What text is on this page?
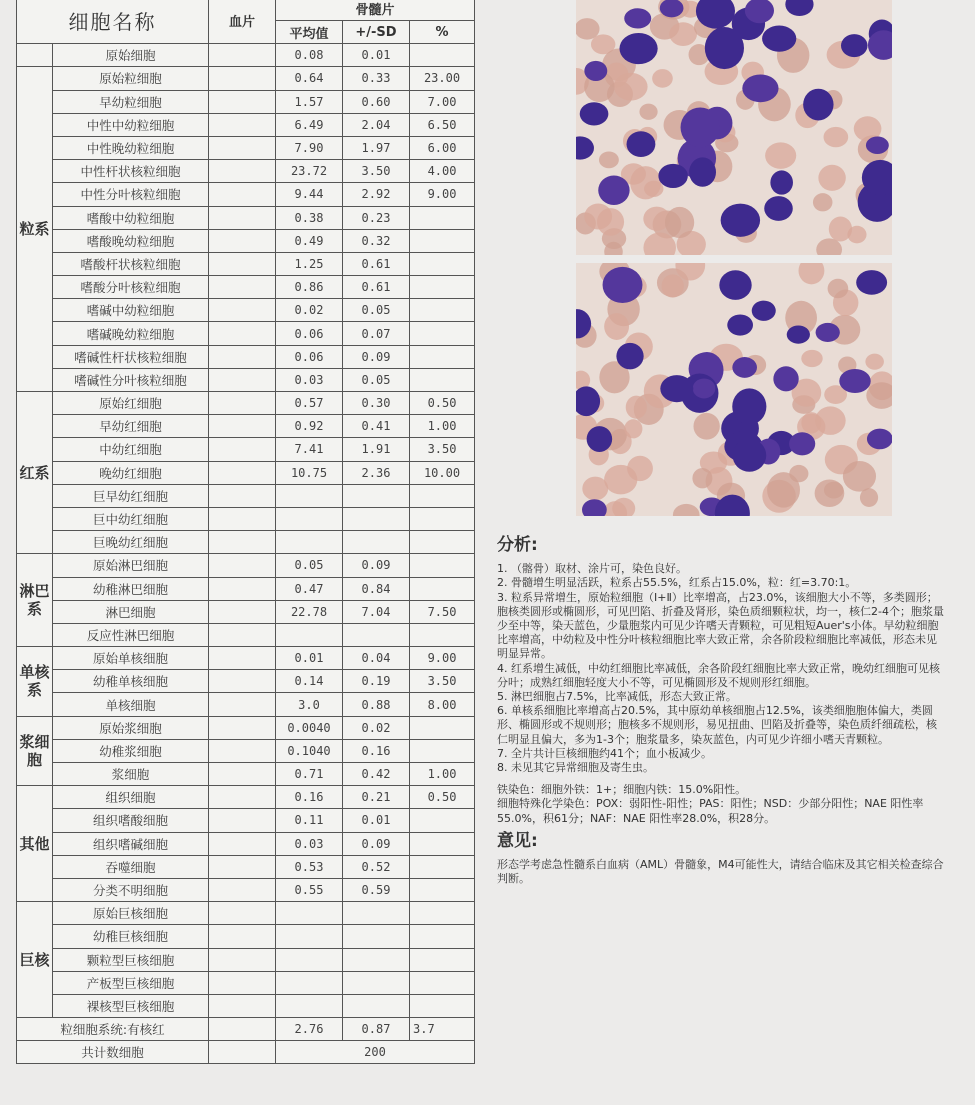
细胞名称		血片	骨髓片		
			平均值	+/-SD	%
	原始细胞		0.08	0.01	
粒系	原始粒细胞		0.64	0.33	23.00
	早幼粒细胞		1.57	0.60	7.00
	中性中幼粒细胞		6.49	2.04	6.50
	中性晚幼粒细胞		7.90	1.97	6.00
	中性杆状核粒细胞		23.72	3.50	4.00
	中性分叶核粒细胞		9.44	2.92	9.00
	嗜酸中幼粒细胞		0.38	0.23	
	嗜酸晚幼粒细胞		0.49	0.32	
	嗜酸杆状核粒细胞		1.25	0.61	
	嗜酸分叶核粒细胞		0.86	0.61	
	嗜碱中幼粒细胞		0.02	0.05	
	嗜碱晚幼粒细胞		0.06	0.07	
	嗜碱性杆状核粒细胞		0.06	0.09	
	嗜碱性分叶核粒细胞		0.03	0.05	
红系	原始红细胞		0.57	0.30	0.50
	早幼红细胞		0.92	0.41	1.00
	中幼红细胞		7.41	1.91	3.50
	晚幼红细胞		10.75	2.36	10.00
	巨早幼红细胞				
	巨中幼红细胞				
	巨晚幼红细胞				
淋巴系	原始淋巴细胞		0.05	0.09	
	幼稚淋巴细胞		0.47	0.84	
	淋巴细胞		22.78	7.04	7.50
	反应性淋巴细胞				
单核系	原始单核细胞		0.01	0.04	9.00
	幼稚单核细胞		0.14	0.19	3.50
	单核细胞		3.0	0.88	8.00
浆细胞	原始浆细胞		0.0040	0.02	
	幼稚浆细胞		0.1040	0.16	
	浆细胞		0.71	0.42	1.00
其他	组织细胞		0.16	0.21	0.50
	组织嗜酸细胞		0.11	0.01	
	组织嗜碱细胞		0.03	0.09	
	吞噬细胞		0.53	0.52	
	分类不明细胞		0.55	0.59	
巨核	原始巨核细胞				
	幼稚巨核细胞				
	颗粒型巨核细胞				
	产板型巨核细胞				
	裸核型巨核细胞				
粒细胞系统:有核红			2.76	0.87	3.7
共计数细胞			200		
分析:

1. （髂骨）取材、涂片可，染色良好。

2. 骨髓增生明显活跃，粒系占55.5%，红系占15.0%，粒：红=3.70:1。

3. 粒系异常增生，原始粒细胞（Ⅰ+Ⅱ）比率增高，占23.0%，该细胞大小不等，多类圆形；胞核类圆形或椭圆形，可见凹陷、折叠及肾形，染色质细颗粒状，均一，核仁2-4个；胞浆量少至中等，染天蓝色，少量胞浆内可见少许嗜天青颗粒，可见粗短Auer's小体。早幼粒细胞比率增高，中幼粒及中性分叶核粒细胞比率大致正常，余各阶段粒细胞比率减低，形态未见明显异常。

4. 红系增生减低，中幼红细胞比率减低，余各阶段红细胞比率大致正常，晚幼红细胞可见核分叶；成熟红细胞轻度大小不等，可见椭圆形及不规则形红细胞。

5. 淋巴细胞占7.5%，比率减低，形态大致正常。

6. 单核系细胞比率增高占20.5%，其中原幼单核细胞占12.5%，该类细胞胞体偏大，类圆形、椭圆形或不规则形；胞核多不规则形，易见扭曲、凹陷及折叠等，染色质纤细疏松，核仁明显且偏大，多为1-3个；胞浆量多，染灰蓝色，内可见少许细小嗜天青颗粒。

7. 全片共计巨核细胞约41个；血小板减少。

8. 未见其它异常细胞及寄生虫。

铁染色：细胞外铁：1+；细胞内铁：15.0%阳性。

细胞特殊化学染色：POX：弱阳性-阳性；PAS：阳性；NSD：少部分阳性；NAE 阳性率55.0%，积61分；NAF：NAE 阳性率28.0%，积28分。

意见:

形态学考虑急性髓系白血病（AML）骨髓象，M4可能性大，请结合临床及其它相关检查综合判断。
